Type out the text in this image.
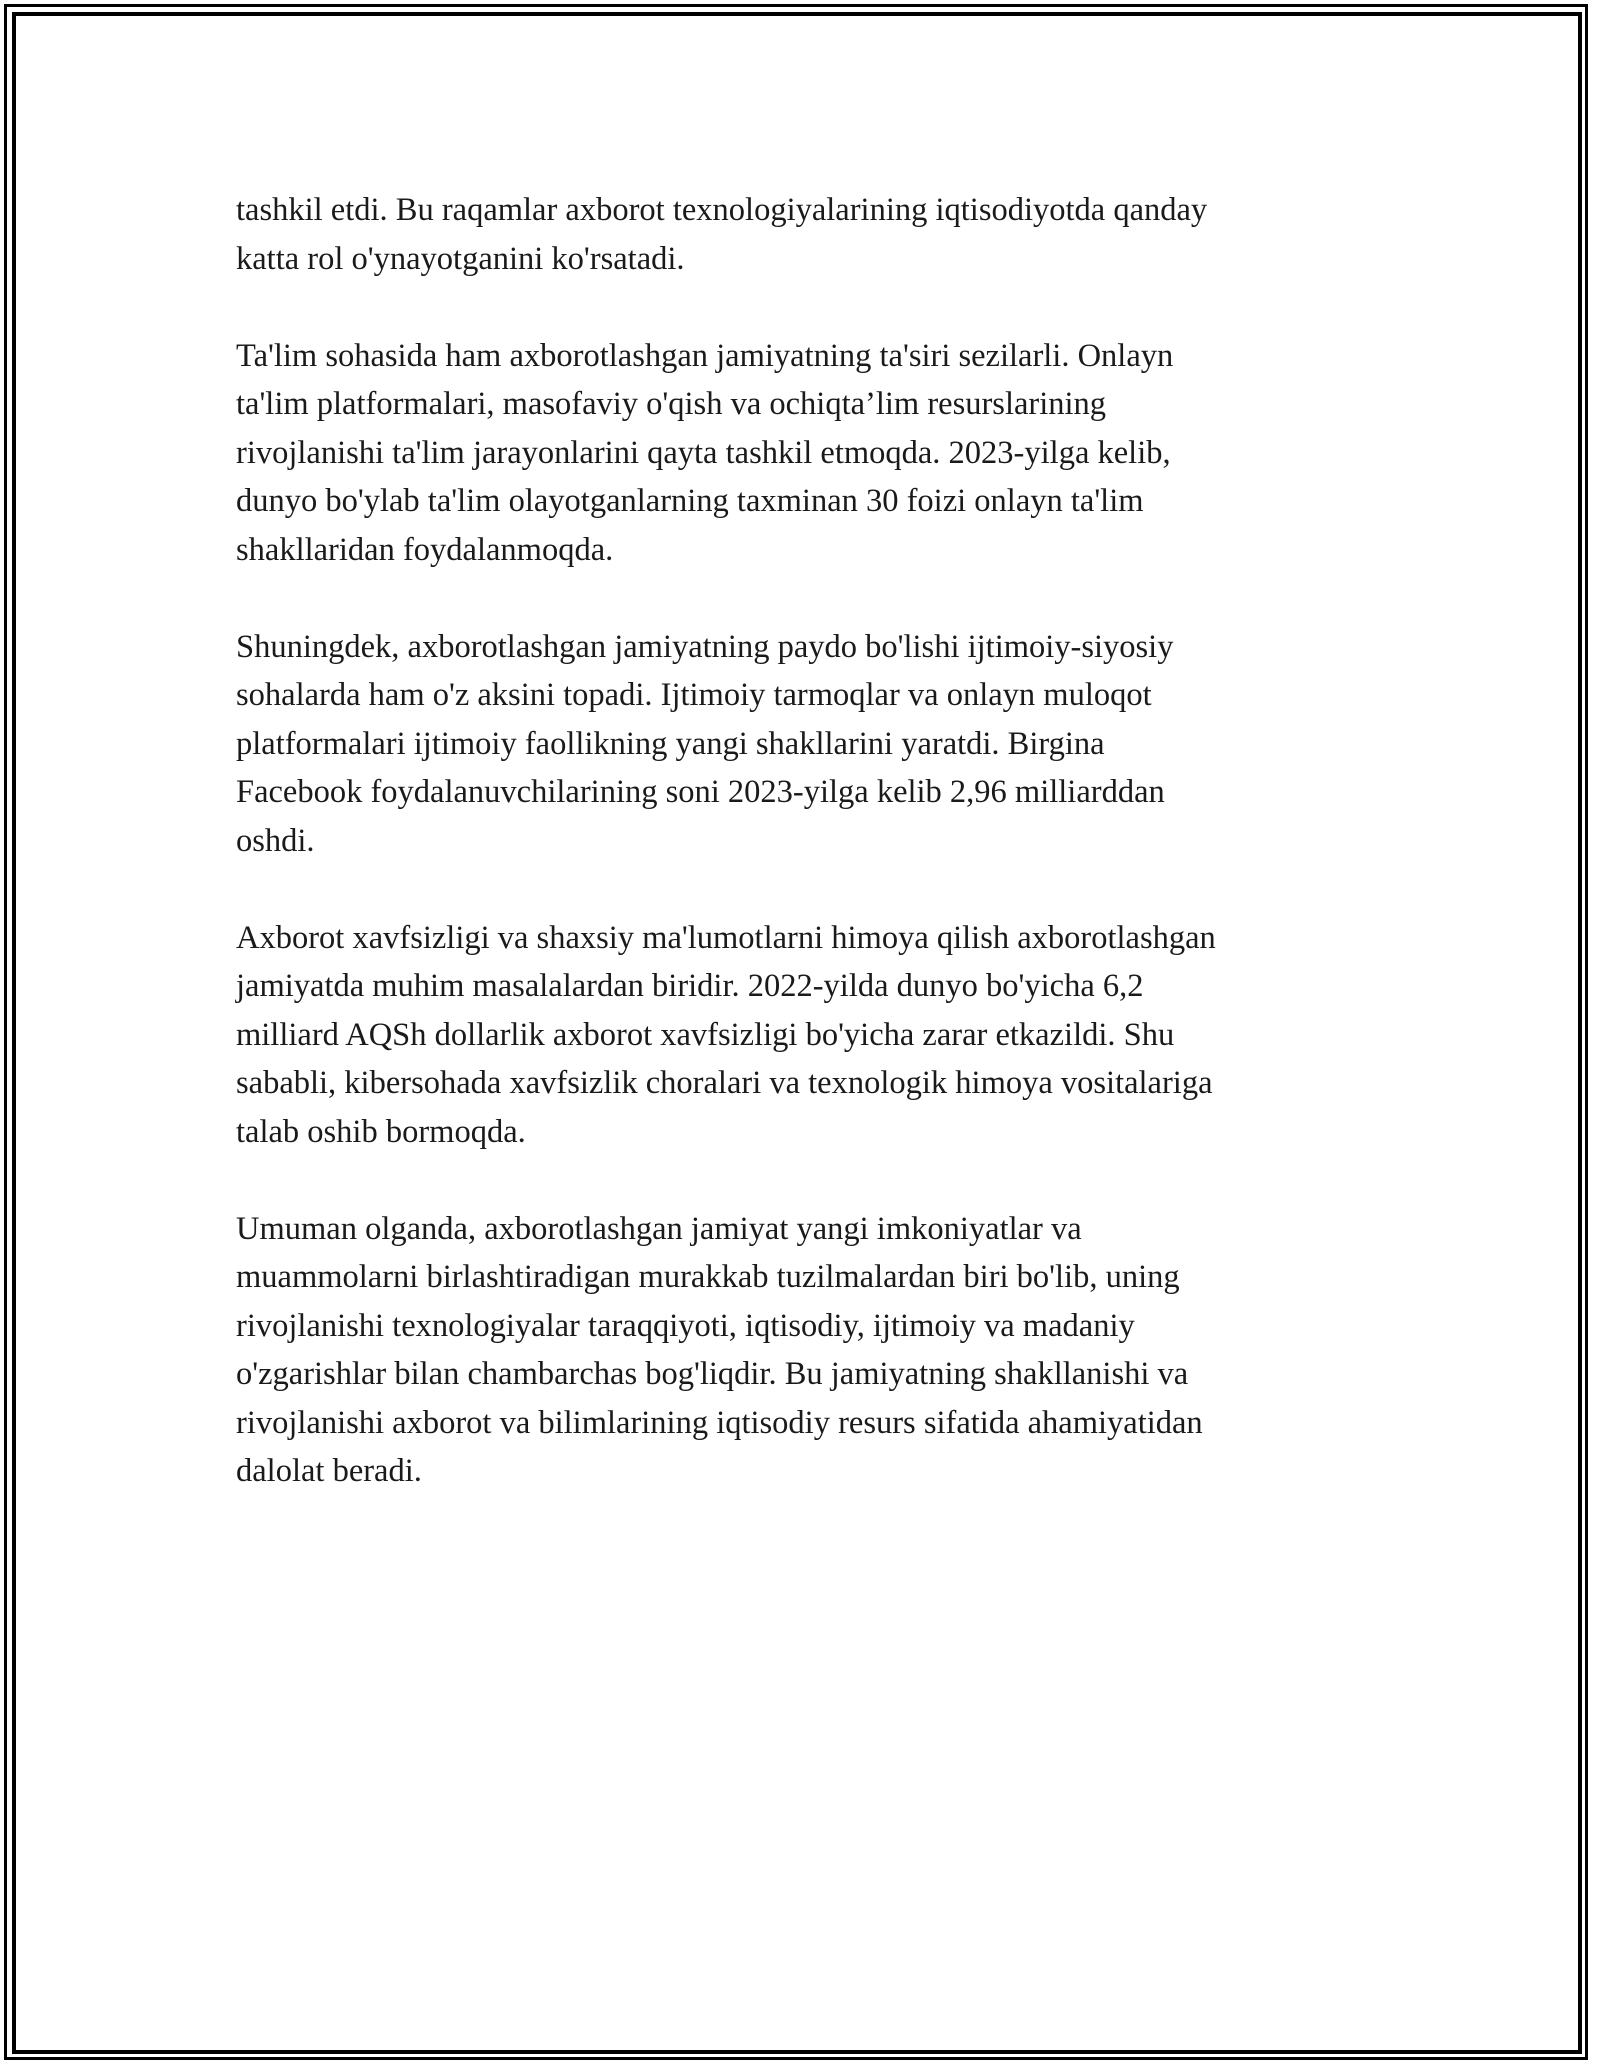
tashkil etdi. Bu raqamlar axborot texnologiyalarining iqtisodiyotda qanday
katta rol o'ynayotganini ko'rsatadi.

Ta'lim sohasida ham axborotlashgan jamiyatning ta'siri sezilarli. Onlayn
ta'lim platformalari, masofaviy o'qish va ochiqta’lim resurslarining
rivojlanishi ta'lim jarayonlarini qayta tashkil etmoqda. 2023-yilga kelib,
dunyo bo'ylab ta'lim olayotganlarning taxminan 30 foizi onlayn ta'lim
shakllaridan foydalanmoqda.

Shuningdek, axborotlashgan jamiyatning paydo bo'lishi ijtimoiy-siyosiy
sohalarda ham o'z aksini topadi. Ijtimoiy tarmoqlar va onlayn muloqot
platformalari ijtimoiy faollikning yangi shakllarini yaratdi. Birgina
Facebook foydalanuvchilarining soni 2023-yilga kelib 2,96 milliarddan
oshdi.

Axborot xavfsizligi va shaxsiy ma'lumotlarni himoya qilish axborotlashgan
jamiyatda muhim masalalardan biridir. 2022-yilda dunyo bo'yicha 6,2
milliard AQSh dollarlik axborot xavfsizligi bo'yicha zarar etkazildi. Shu
sababli, kibersohada xavfsizlik choralari va texnologik himoya vositalariga
talab oshib bormoqda.

Umuman olganda, axborotlashgan jamiyat yangi imkoniyatlar va
muammolarni birlashtiradigan murakkab tuzilmalardan biri bo'lib, uning
rivojlanishi texnologiyalar taraqqiyoti, iqtisodiy, ijtimoiy va madaniy
o'zgarishlar bilan chambarchas bog'liqdir. Bu jamiyatning shakllanishi va
rivojlanishi axborot va bilimlarining iqtisodiy resurs sifatida ahamiyatidan
dalolat beradi.
